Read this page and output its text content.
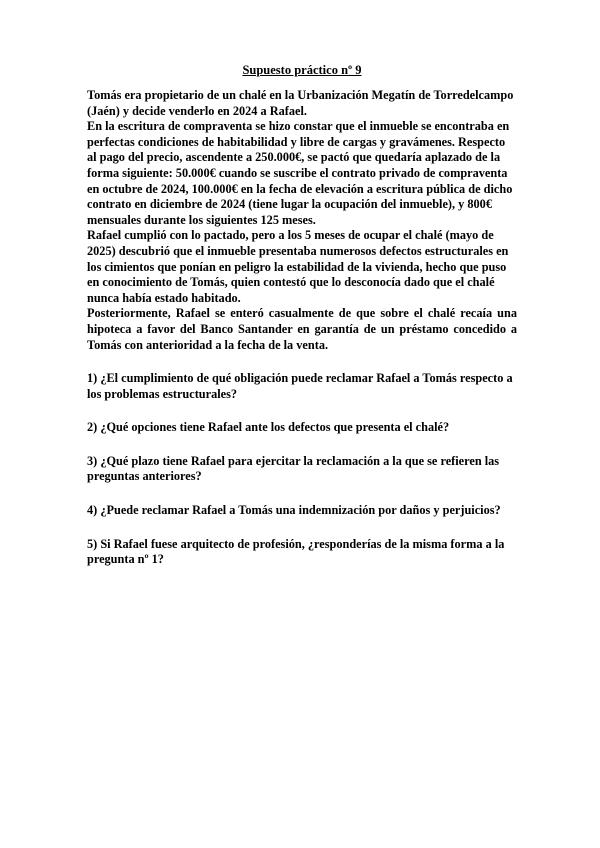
Supuesto práctico nº 9

Tomás era propietario de un chalé en la Urbanización Megatín de Torredelcampo (Jaén) y decide venderlo en 2024 a Rafael.

En la escritura de compraventa se hizo constar que el inmueble se encontraba en perfectas condiciones de habitabilidad y libre de cargas y gravámenes. Respecto al pago del precio, ascendente a 250.000€, se pactó que quedaría aplazado de la forma siguiente: 50.000€ cuando se suscribe el contrato privado de compraventa en octubre de 2024, 100.000€ en la fecha de elevación a escritura pública de dicho contrato en diciembre de 2024 (tiene lugar la ocupación del inmueble), y 800€ mensuales durante los siguientes 125 meses.

Rafael cumplió con lo pactado, pero a los 5 meses de ocupar el chalé (mayo de 2025) descubrió que el inmueble presentaba numerosos defectos estructurales en los cimientos que ponían en peligro la estabilidad de la vivienda, hecho que puso en conocimiento de Tomás, quien contestó que lo desconocía dado que el chalé nunca había estado habitado.

Posteriormente, Rafael se enteró casualmente de que sobre el chalé recaía una hipoteca a favor del Banco Santander en garantía de un préstamo concedido a Tomás con anterioridad a la fecha de la venta.

1) ¿El cumplimiento de qué obligación puede reclamar Rafael a Tomás respecto a los problemas estructurales?

2) ¿Qué opciones tiene Rafael ante los defectos que presenta el chalé?

3) ¿Qué plazo tiene Rafael para ejercitar la reclamación a la que se refieren las preguntas anteriores?

4) ¿Puede reclamar Rafael a Tomás una indemnización por daños y perjuicios?

5) Si Rafael fuese arquitecto de profesión, ¿responderías de la misma forma a la pregunta nº 1?
